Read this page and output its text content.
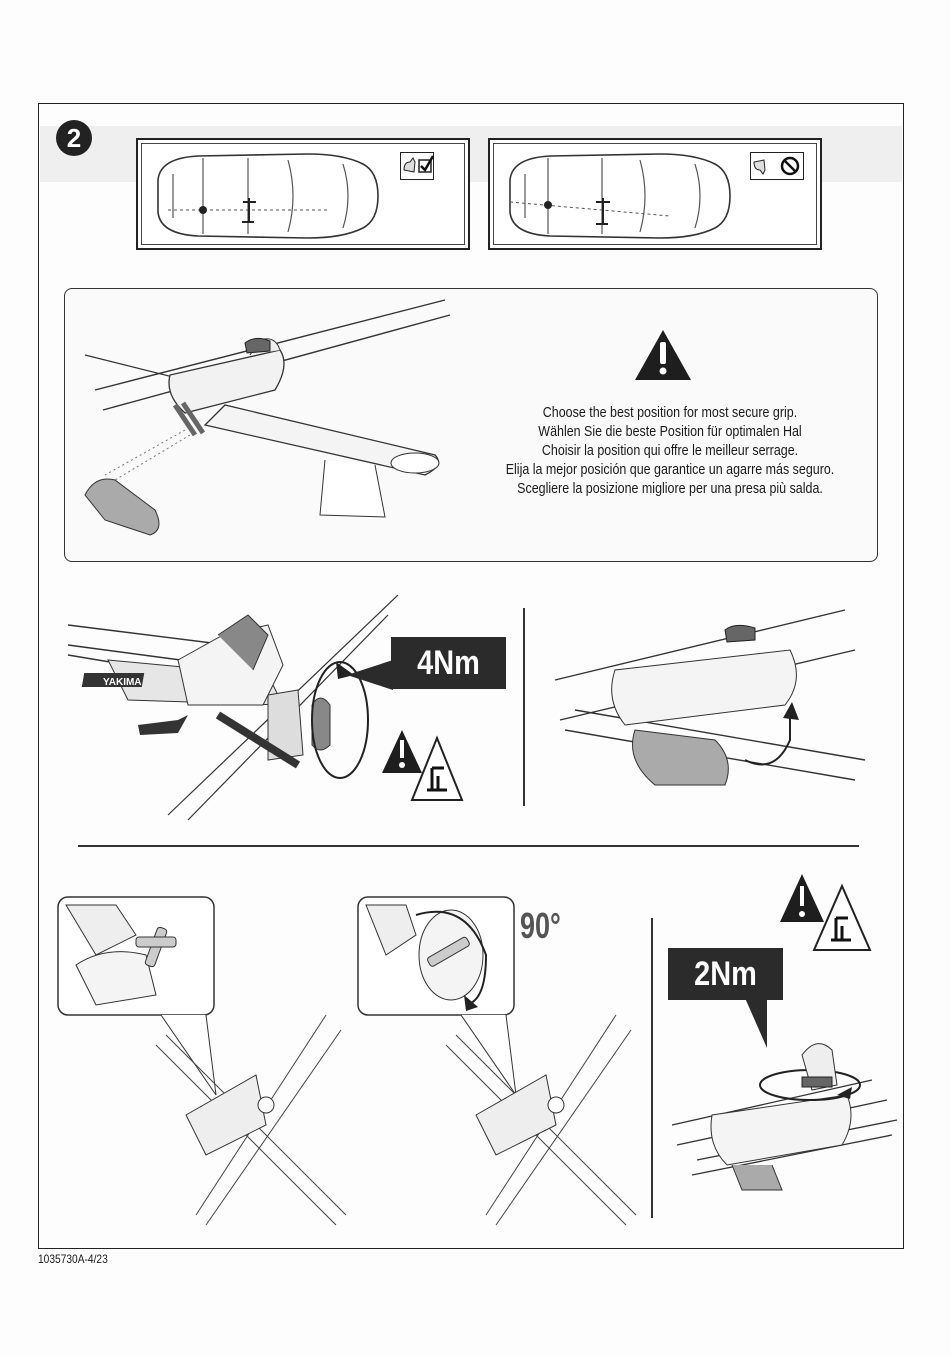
2
Choose the best position for most secure grip.
Wählen Sie die beste Position für optimalen Hal
Choisir la position qui offre le meilleur serrage.
Elija la mejor posición que garantice un agarre más seguro.
Scegliere la posizione migliore per una presa più salda.
YAKIMA
4Nm
90°
2Nm
1035730A-4/23
